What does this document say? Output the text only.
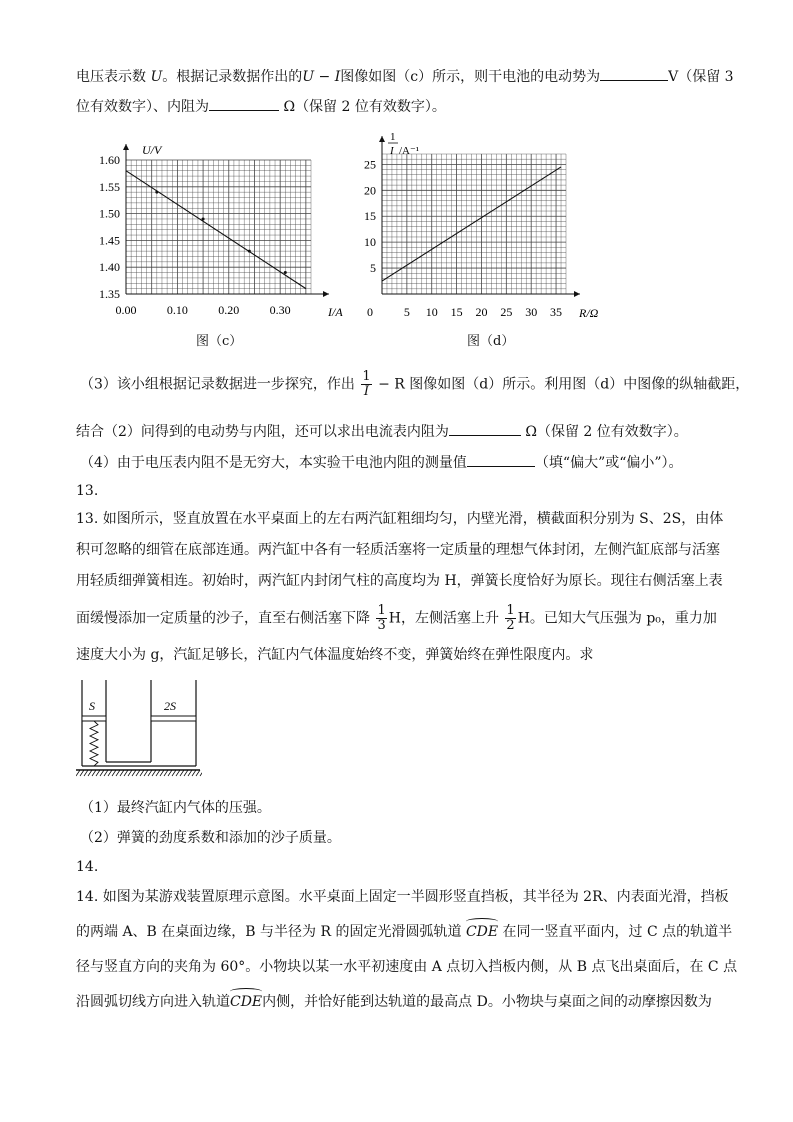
电压表示数 U。根据记录数据作出的U − I图像如图（c）所示，则干电池的电动势为	V（保留 3
位有效数字）、内阻为	Ω（保留 2 位有效数字）。
0.00	0.10	0.20	0.30
1.35
1.40
1.45
1.50
1.55
1.60
U/V
I/A
图（c）
0	5 10 15 20 25 30 35
5
10
15
20
25
1
I /A⁻¹
R/Ω
图（d）
（3）该小组根据记录数据进一步探究，作出 $\frac{1}{I} - R$ 图像如图（d）所示。利用图（d）中图像的纵轴截距，
结合（2）问得到的电动势与内阻，还可以求出电流表内阻为	Ω（保留 2 位有效数字）。
（4）由于电压表内阻不是无穷大，本实验干电池内阻的测量值	（填“偏大”或“偏小”）。
13.
13. 如图所示，竖直放置在水平桌面上的左右两汽缸粗细均匀，内壁光滑，横截面积分别为 S、2S，由体
积可忽略的细管在底部连通。两汽缸中各有一轻质活塞将一定质量的理想气体封闭，左侧汽缸底部与活塞
用轻质细弹簧相连。初始时，两汽缸内封闭气柱的高度均为 H，弹簧长度恰好为原长。现往右侧活塞上表
面缓慢添加一定质量的沙子，直至右侧活塞下降 $\frac{1}{3}$ H，左侧活塞上升 $\frac{1}{2}$ H。已知大气压强为 p₀，重力加
速度大小为 g，汽缸足够长，汽缸内气体温度始终不变，弹簧始终在弹性限度内。求
S	2S
（1）最终汽缸内气体的压强。
（2）弹簧的劲度系数和添加的沙子质量。
14.
14. 如图为某游戏装置原理示意图。水平桌面上固定一半圆形竖直挡板，其半径为 2R、内表面光滑，挡板
的两端 A、B 在桌面边缘，B 与半径为 R 的固定光滑圆弧轨道 CDE 在同一竖直平面内，过 C 点的轨道半
径与竖直方向的夹角为 60°。小物块以某一水平初速度由 A 点切入挡板内侧，从 B 点飞出桌面后，在 C 点
沿圆弧切线方向进入轨道CDE内侧，并恰好能到达轨道的最高点 D。小物块与桌面之间的动摩擦因数为
